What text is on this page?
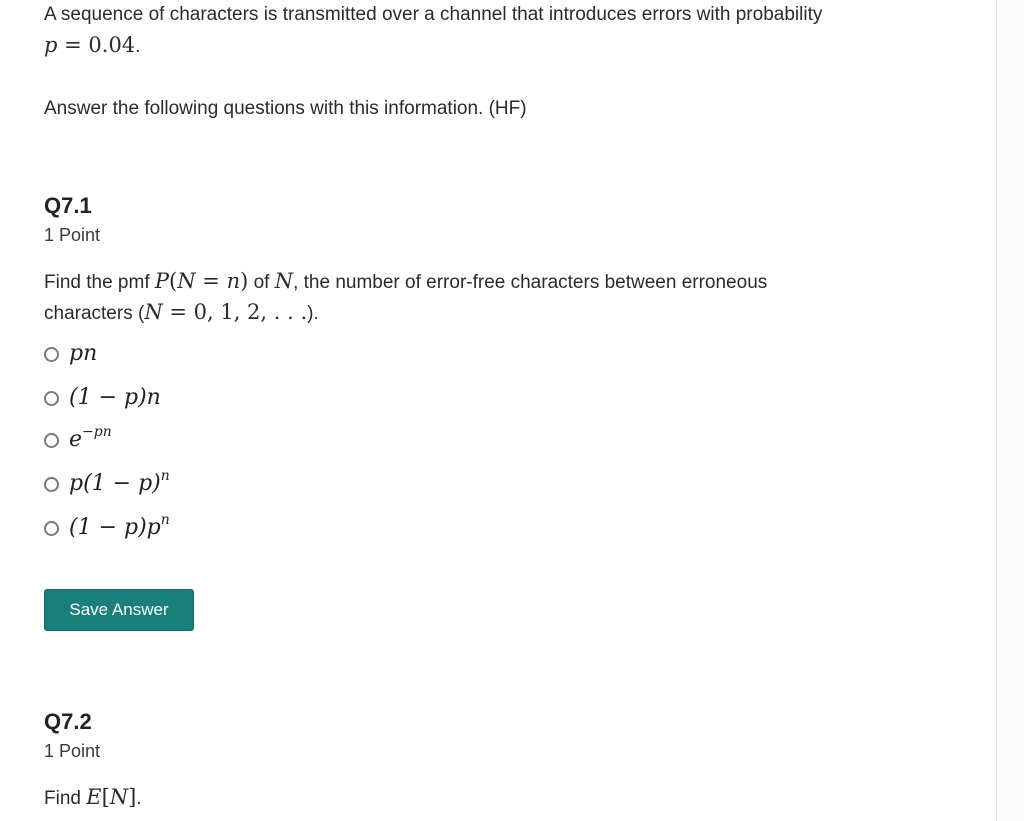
A sequence of characters is transmitted over a channel that introduces errors with probability
p = 0.04.
Answer the following questions with this information. (HF)
Q7.1
1 Point
Find the pmf P(N = n) of N, the number of error-free characters between erroneous
characters (N = 0, 1, 2, . . .).
pn
(1 − p)n
$e^{-pn}$
$p(1 - p)^n$
$(1 - p)p^n$
Save Answer
Q7.2
1 Point
Find E[N].
